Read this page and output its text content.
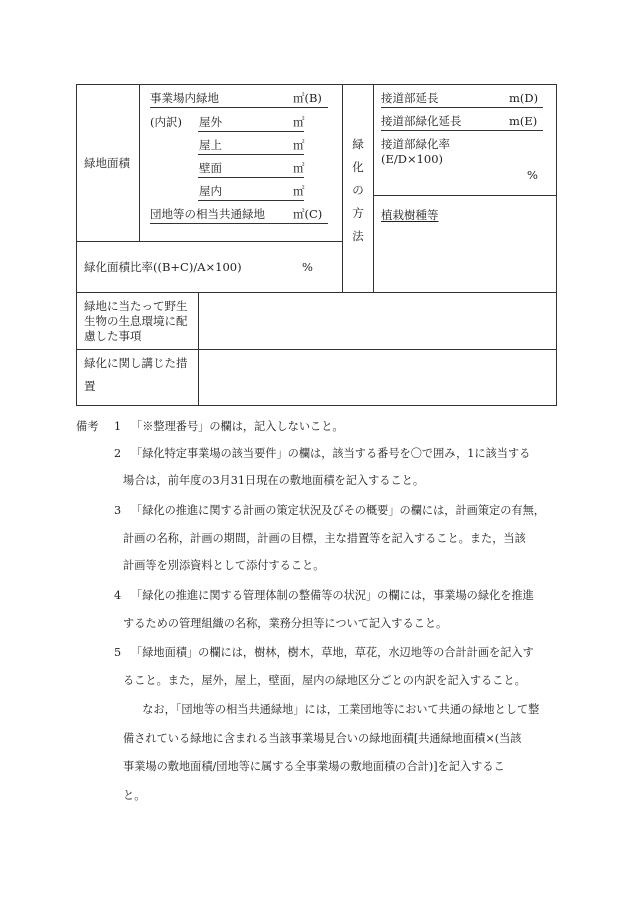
緑地面積
事業場内緑地	㎡(B)
(内訳) 屋外	㎡
屋上	㎡
壁面	㎡
屋内	㎡
団地等の相当共通緑地 ㎡(C)
緑化面積比率((B+C)/A×100)	%
緑
化
の
方
法
接道部延長	m(D)
接道部緑化延長	m(E)
接道部緑化率
(E/D×100)
%
植栽樹種等
緑地に当たって野生
生物の生息環境に配
慮した事項
緑化に関し講じた措
置
備考 1 「※整理番号」の欄は，記入しないこと。
2 「緑化特定事業場の該当要件」の欄は，該当する番号を〇で囲み，1に該当する
場合は，前年度の3月31日現在の敷地面積を記入すること。
3 「緑化の推進に関する計画の策定状況及びその概要」の欄には，計画策定の有無，
計画の名称，計画の期間，計画の目標，主な措置等を記入すること。また，当該
計画等を別添資料として添付すること。
4 「緑化の推進に関する管理体制の整備等の状況」の欄には，事業場の緑化を推進
するための管理組織の名称，業務分担等について記入すること。
5 「緑地面積」の欄には，樹林，樹木，草地，草花，水辺地等の合計計画を記入す
ること。また，屋外，屋上，壁面，屋内の緑地区分ごとの内訳を記入すること。
　なお，「団地等の相当共通緑地」には，工業団地等において共通の緑地として整
備されている緑地に含まれる当該事業場見合いの緑地面積[共通緑地面積×(当該
事業場の敷地面積/団地等に属する全事業場の敷地面積の合計)]を記入するこ
と。
